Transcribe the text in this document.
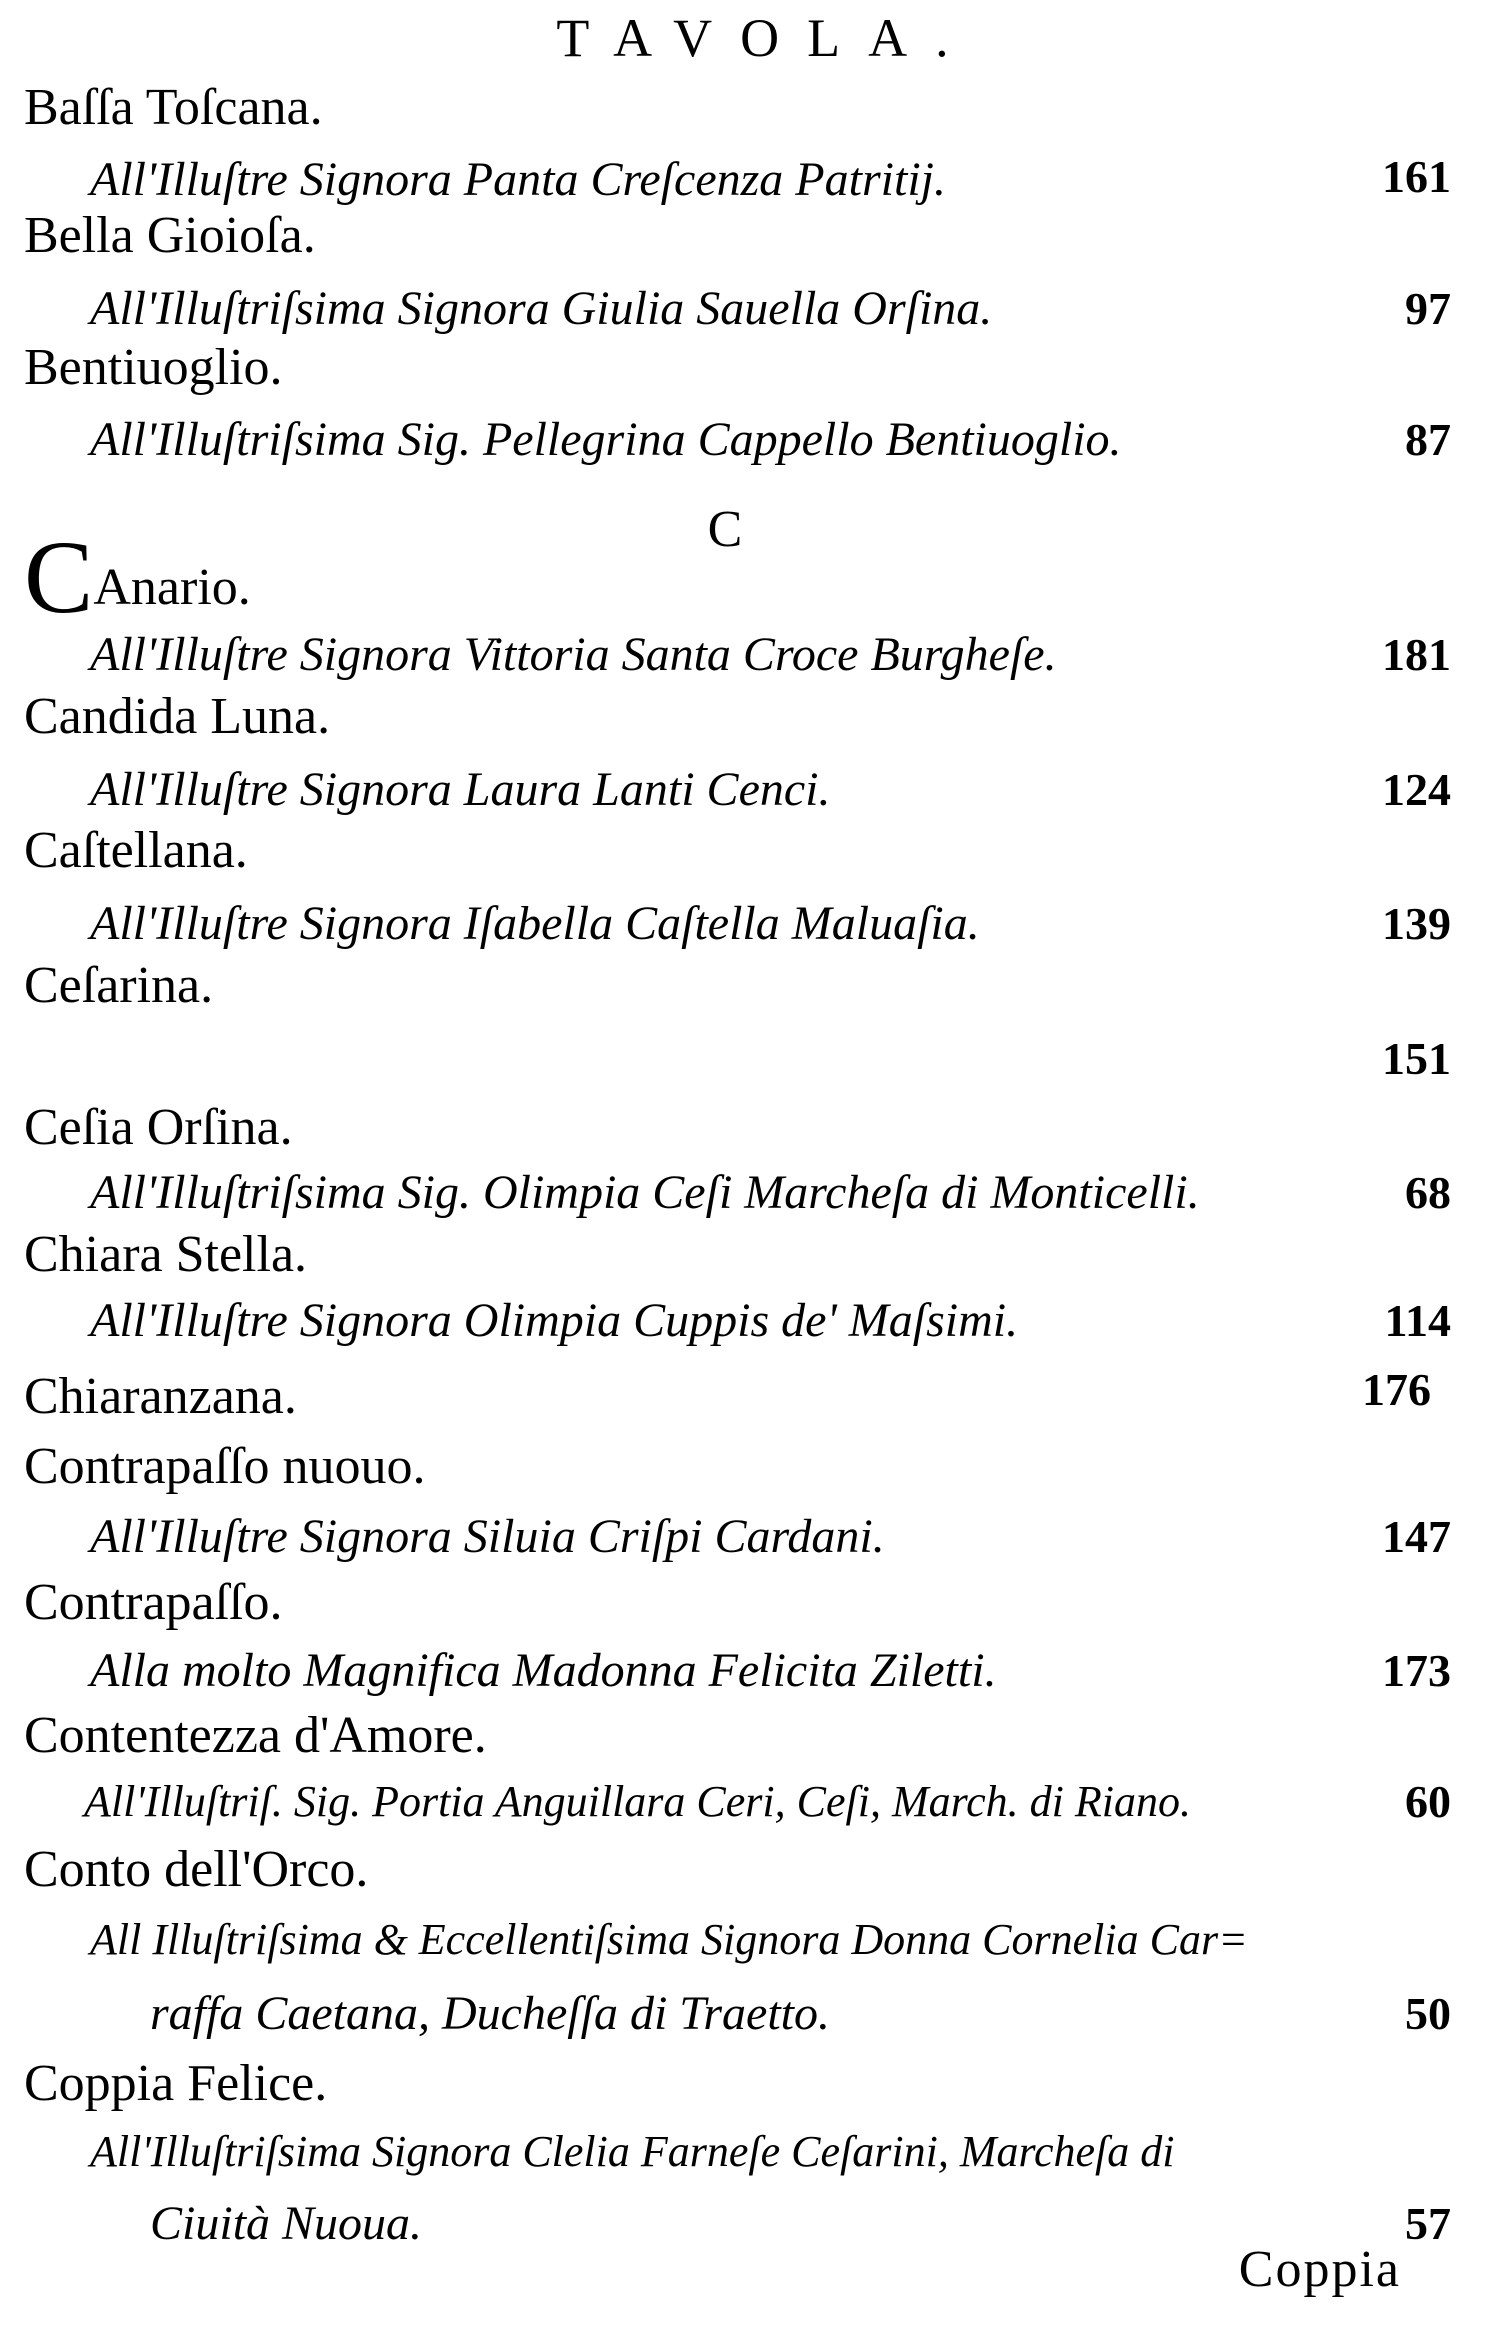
TAVOLA.
Baſſa Toſcana.
All'Illuſtre Signora Panta Creſcenza Patritij.	161
Bella Gioioſa.
All'Illuſtriſsima Signora Giulia Sauella Orſina.	97
Bentiuoglio.
All'Illuſtriſsima Sig. Pellegrina Cappello Bentiuoglio.	87
C
CAnario.
All'Illuſtre Signora Vittoria Santa Croce Burgheſe.	181
Candida Luna.
All'Illuſtre Signora Laura Lanti Cenci.	124
Caſtellana.
All'Illuſtre Signora Iſabella Caſtella Maluaſia.	139
Ceſarina.
151
Ceſia Orſina.
All'Illuſtriſsima Sig. Olimpia Ceſi Marcheſa di Monticelli.	68
Chiara Stella.
All'Illuſtre Signora Olimpia Cuppis de' Maſsimi.	114
Chiaranzana.	176
Contrapaſſo nuouo.
All'Illuſtre Signora Siluia Criſpi Cardani.	147
Contrapaſſo.
Alla molto Magnifica Madonna Felicita Ziletti.	173
Contentezza d'Amore.
All'Illuſtriſ. Sig. Portia Anguillara Ceri, Ceſi, March. di Riano.	60
Conto dell'Orco.
All Illuſtriſsima & Eccellentiſsima Signora Donna Cornelia Car=
raffa Caetana, Ducheſſa di Traetto.	50
Coppia Felice.
All'Illuſtriſsima Signora Clelia Farneſe Ceſarini, Marcheſa di
Ciuità Nuoua.	57
Coppia
